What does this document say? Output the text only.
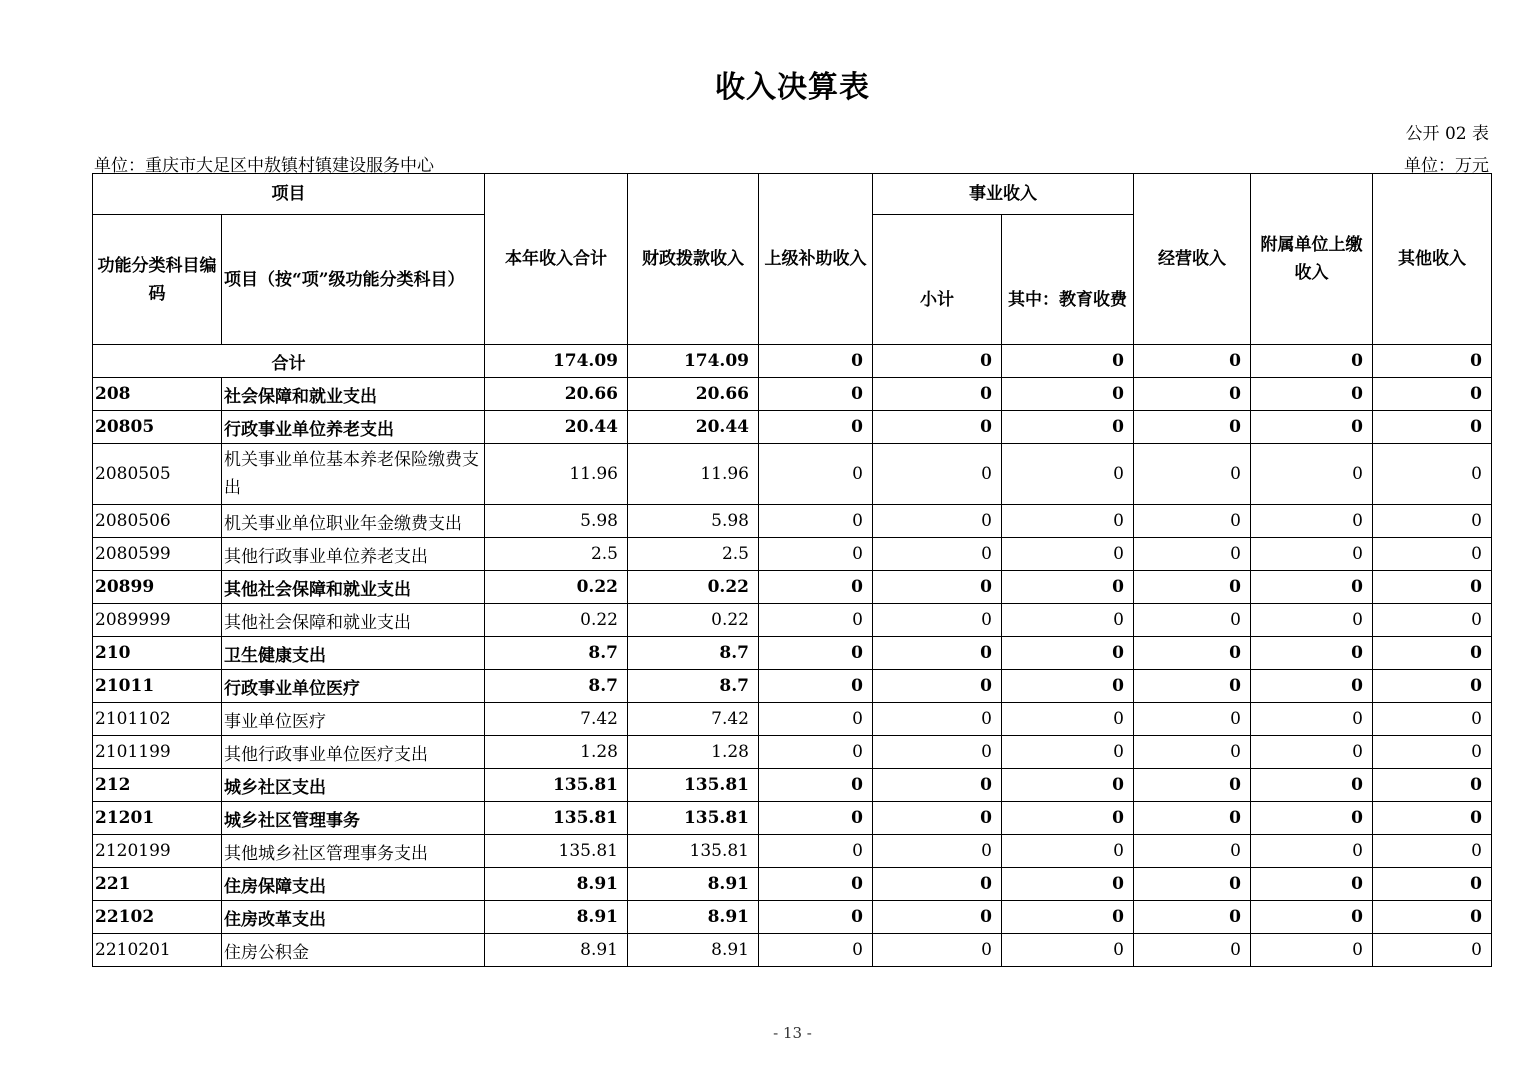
收入决算表
公开 02 表
单位：重庆市大足区中敖镇村镇建设服务中心	单位：万元
项目		本年收入合计	财政拨款收入	上级补助收入	事业收入		经营收入	附属单位上缴收入	其他收入
功能分类科目编码	项目（按“项”级功能分类科目）				小计	其中：教育收费			
合计		174.09	174.09	0	0	0	0	0	0
208	社会保障和就业支出	20.66	20.66	0	0	0	0	0	0
20805	行政事业单位养老支出	20.44	20.44	0	0	0	0	0	0
2080505	机关事业单位基本养老保险缴费支出	11.96	11.96	0	0	0	0	0	0
2080506	机关事业单位职业年金缴费支出	5.98	5.98	0	0	0	0	0	0
2080599	其他行政事业单位养老支出	2.5	2.5	0	0	0	0	0	0
20899	其他社会保障和就业支出	0.22	0.22	0	0	0	0	0	0
2089999	其他社会保障和就业支出	0.22	0.22	0	0	0	0	0	0
210	卫生健康支出	8.7	8.7	0	0	0	0	0	0
21011	行政事业单位医疗	8.7	8.7	0	0	0	0	0	0
2101102	事业单位医疗	7.42	7.42	0	0	0	0	0	0
2101199	其他行政事业单位医疗支出	1.28	1.28	0	0	0	0	0	0
212	城乡社区支出	135.81	135.81	0	0	0	0	0	0
21201	城乡社区管理事务	135.81	135.81	0	0	0	0	0	0
2120199	其他城乡社区管理事务支出	135.81	135.81	0	0	0	0	0	0
221	住房保障支出	8.91	8.91	0	0	0	0	0	0
22102	住房改革支出	8.91	8.91	0	0	0	0	0	0
2210201	住房公积金	8.91	8.91	0	0	0	0	0	0
- 13 -
